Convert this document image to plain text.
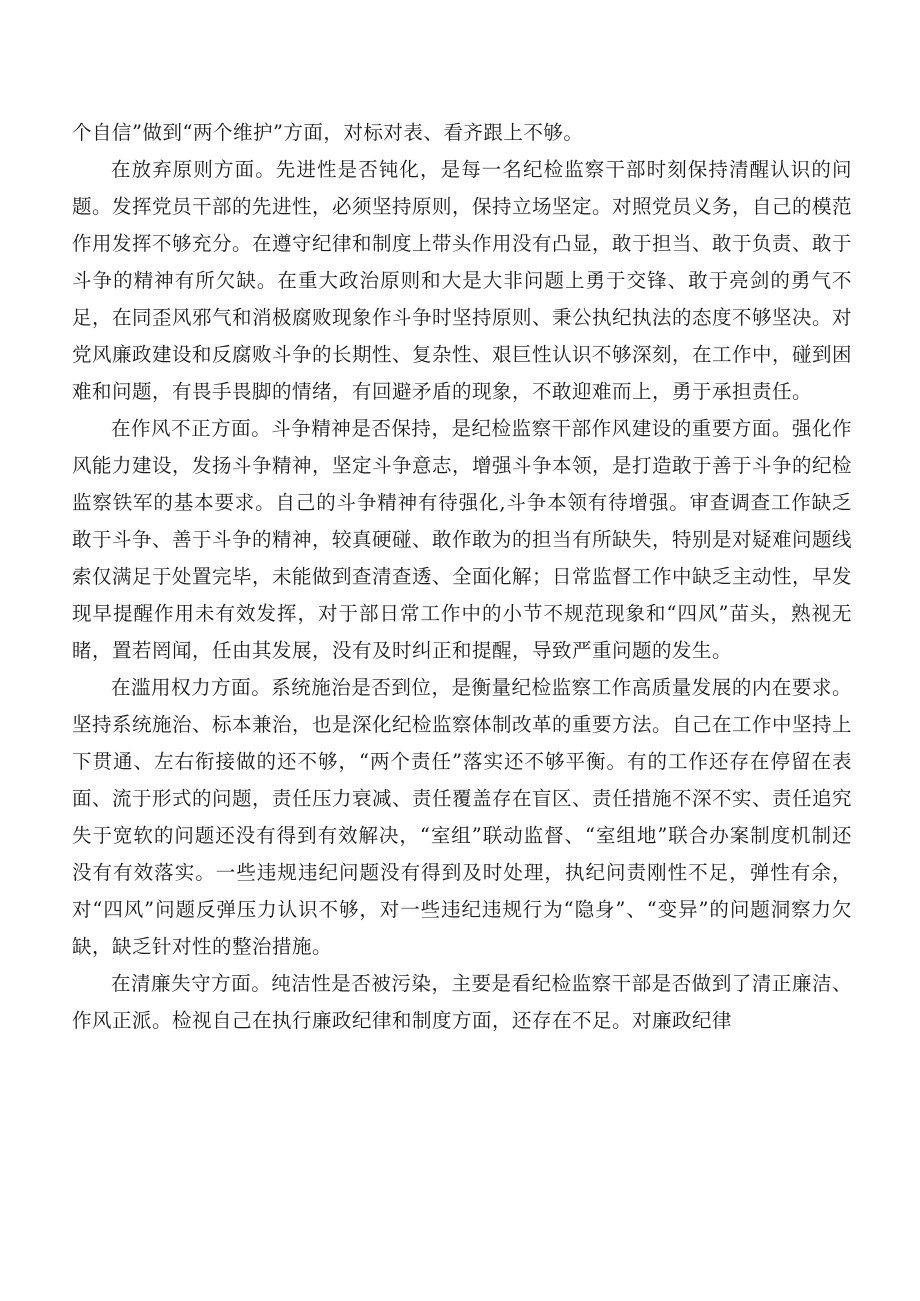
个自信”做到“两个维护”方面，对标对表、看齐跟上不够。

在放弃原则方面。先进性是否钝化，是每一名纪检监察干部时刻保持清醒认识的问题。发挥党员干部的先进性，必须坚持原则，保持立场坚定。对照党员义务，自己的模范作用发挥不够充分。在遵守纪律和制度上带头作用没有凸显，敢于担当、敢于负责、敢于斗争的精神有所欠缺。在重大政治原则和大是大非问题上勇于交锋、敢于亮剑的勇气不足，在同歪风邪气和消极腐败现象作斗争时坚持原则、秉公执纪执法的态度不够坚决。对党风廉政建设和反腐败斗争的长期性、复杂性、艰巨性认识不够深刻，在工作中，碰到困难和问题，有畏手畏脚的情绪，有回避矛盾的现象，不敢迎难而上，勇于承担责任。

在作风不正方面。斗争精神是否保持，是纪检监察干部作风建设的重要方面。强化作风能力建设，发扬斗争精神，坚定斗争意志，增强斗争本领，是打造敢于善于斗争的纪检监察铁军的基本要求。自己的斗争精神有待强化,斗争本领有待增强。审查调查工作缺乏敢于斗争、善于斗争的精神，较真硬碰、敢作敢为的担当有所缺失，特别是对疑难问题线索仅满足于处置完毕，未能做到查清查透、全面化解；日常监督工作中缺乏主动性，早发现早提醒作用未有效发挥，对于部日常工作中的小节不规范现象和“四风”苗头，熟视无睹，置若罔闻，任由其发展，没有及时纠正和提醒，导致严重问题的发生。

在滥用权力方面。系统施治是否到位，是衡量纪检监察工作高质量发展的内在要求。坚持系统施治、标本兼治，也是深化纪检监察体制改革的重要方法。自己在工作中坚持上下贯通、左右衔接做的还不够，“两个责任”落实还不够平衡。有的工作还存在停留在表面、流于形式的问题，责任压力衰减、责任覆盖存在盲区、责任措施不深不实、责任追究失于宽软的问题还没有得到有效解决，“室组”联动监督、“室组地”联合办案制度机制还没有有效落实。一些违规违纪问题没有得到及时处理，执纪问责刚性不足，弹性有余，对“四风”问题反弹压力认识不够，对一些违纪违规行为“隐身”、“变异”的问题洞察力欠缺，缺乏针对性的整治措施。

在清廉失守方面。纯洁性是否被污染，主要是看纪检监察干部是否做到了清正廉洁、作风正派。检视自己在执行廉政纪律和制度方面，还存在不足。对廉政纪律
